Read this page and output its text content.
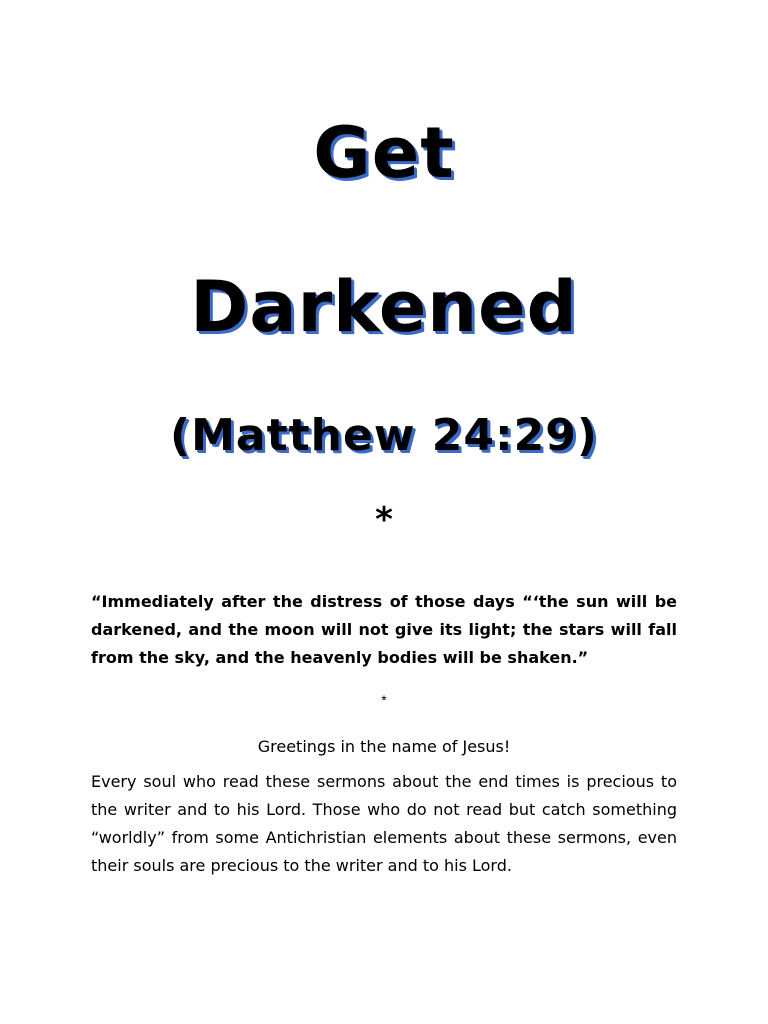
Get
Darkened
(Matthew 24:29)
*
“Immediately after the distress of those days “‘the sun will be darkened, and the moon will not give its light; the stars will fall from the sky, and the heavenly bodies will be shaken.”
*
Greetings in the name of Jesus!
Every soul who read these sermons about the end times is precious to the writer and to his Lord. Those who do not read but catch something “worldly” from some Antichristian elements about these sermons, even their souls are precious to the writer and to his Lord.
